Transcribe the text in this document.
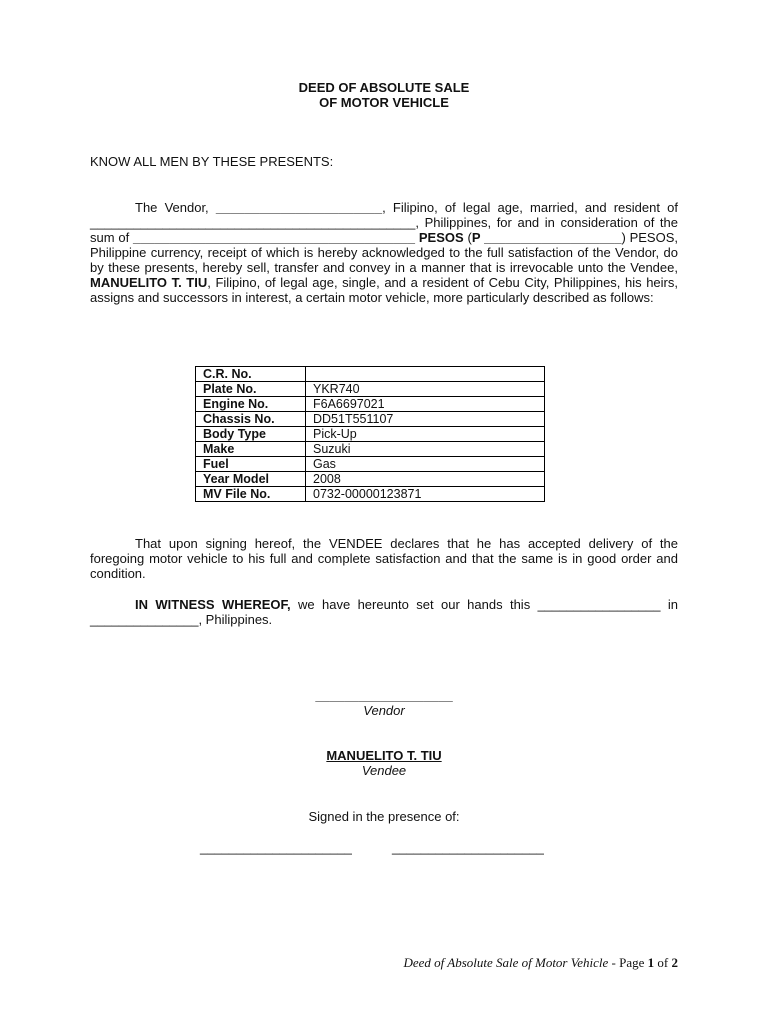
DEED OF ABSOLUTE SALE
OF MOTOR VEHICLE
KNOW ALL MEN BY THESE PRESENTS:
The Vendor, _______________________, Filipino, of legal age, married, and resident of _____________________________________________, Philippines, for and in consideration of the sum of _______________________________________ PESOS (P ___________________) PESOS, Philippine currency, receipt of which is hereby acknowledged to the full satisfaction of the Vendor, do by these presents, hereby sell, transfer and convey in a manner that is irrevocable unto the Vendee, MANUELITO T. TIU, Filipino, of legal age, single, and a resident of Cebu City, Philippines, his heirs, assigns and successors in interest, a certain motor vehicle, more particularly described as follows:
C.R. No.	
Plate No.	YKR740
Engine No.	F6A6697021
Chassis No.	DD51T551107
Body Type	Pick-Up
Make	Suzuki
Fuel	Gas
Year Model	2008
MV File No.	0732-00000123871
That upon signing hereof, the VENDEE declares that he has accepted delivery of the foregoing motor vehicle to his full and complete satisfaction and that the same is in good order and condition.
IN WITNESS WHEREOF, we have hereunto set our hands this _________________ in _______________, Philippines.
___________________
Vendor
MANUELITO T. TIU
Vendee
Signed in the presence of:
_____________________	_____________________
Deed of Absolute Sale of Motor Vehicle - Page 1 of 2
